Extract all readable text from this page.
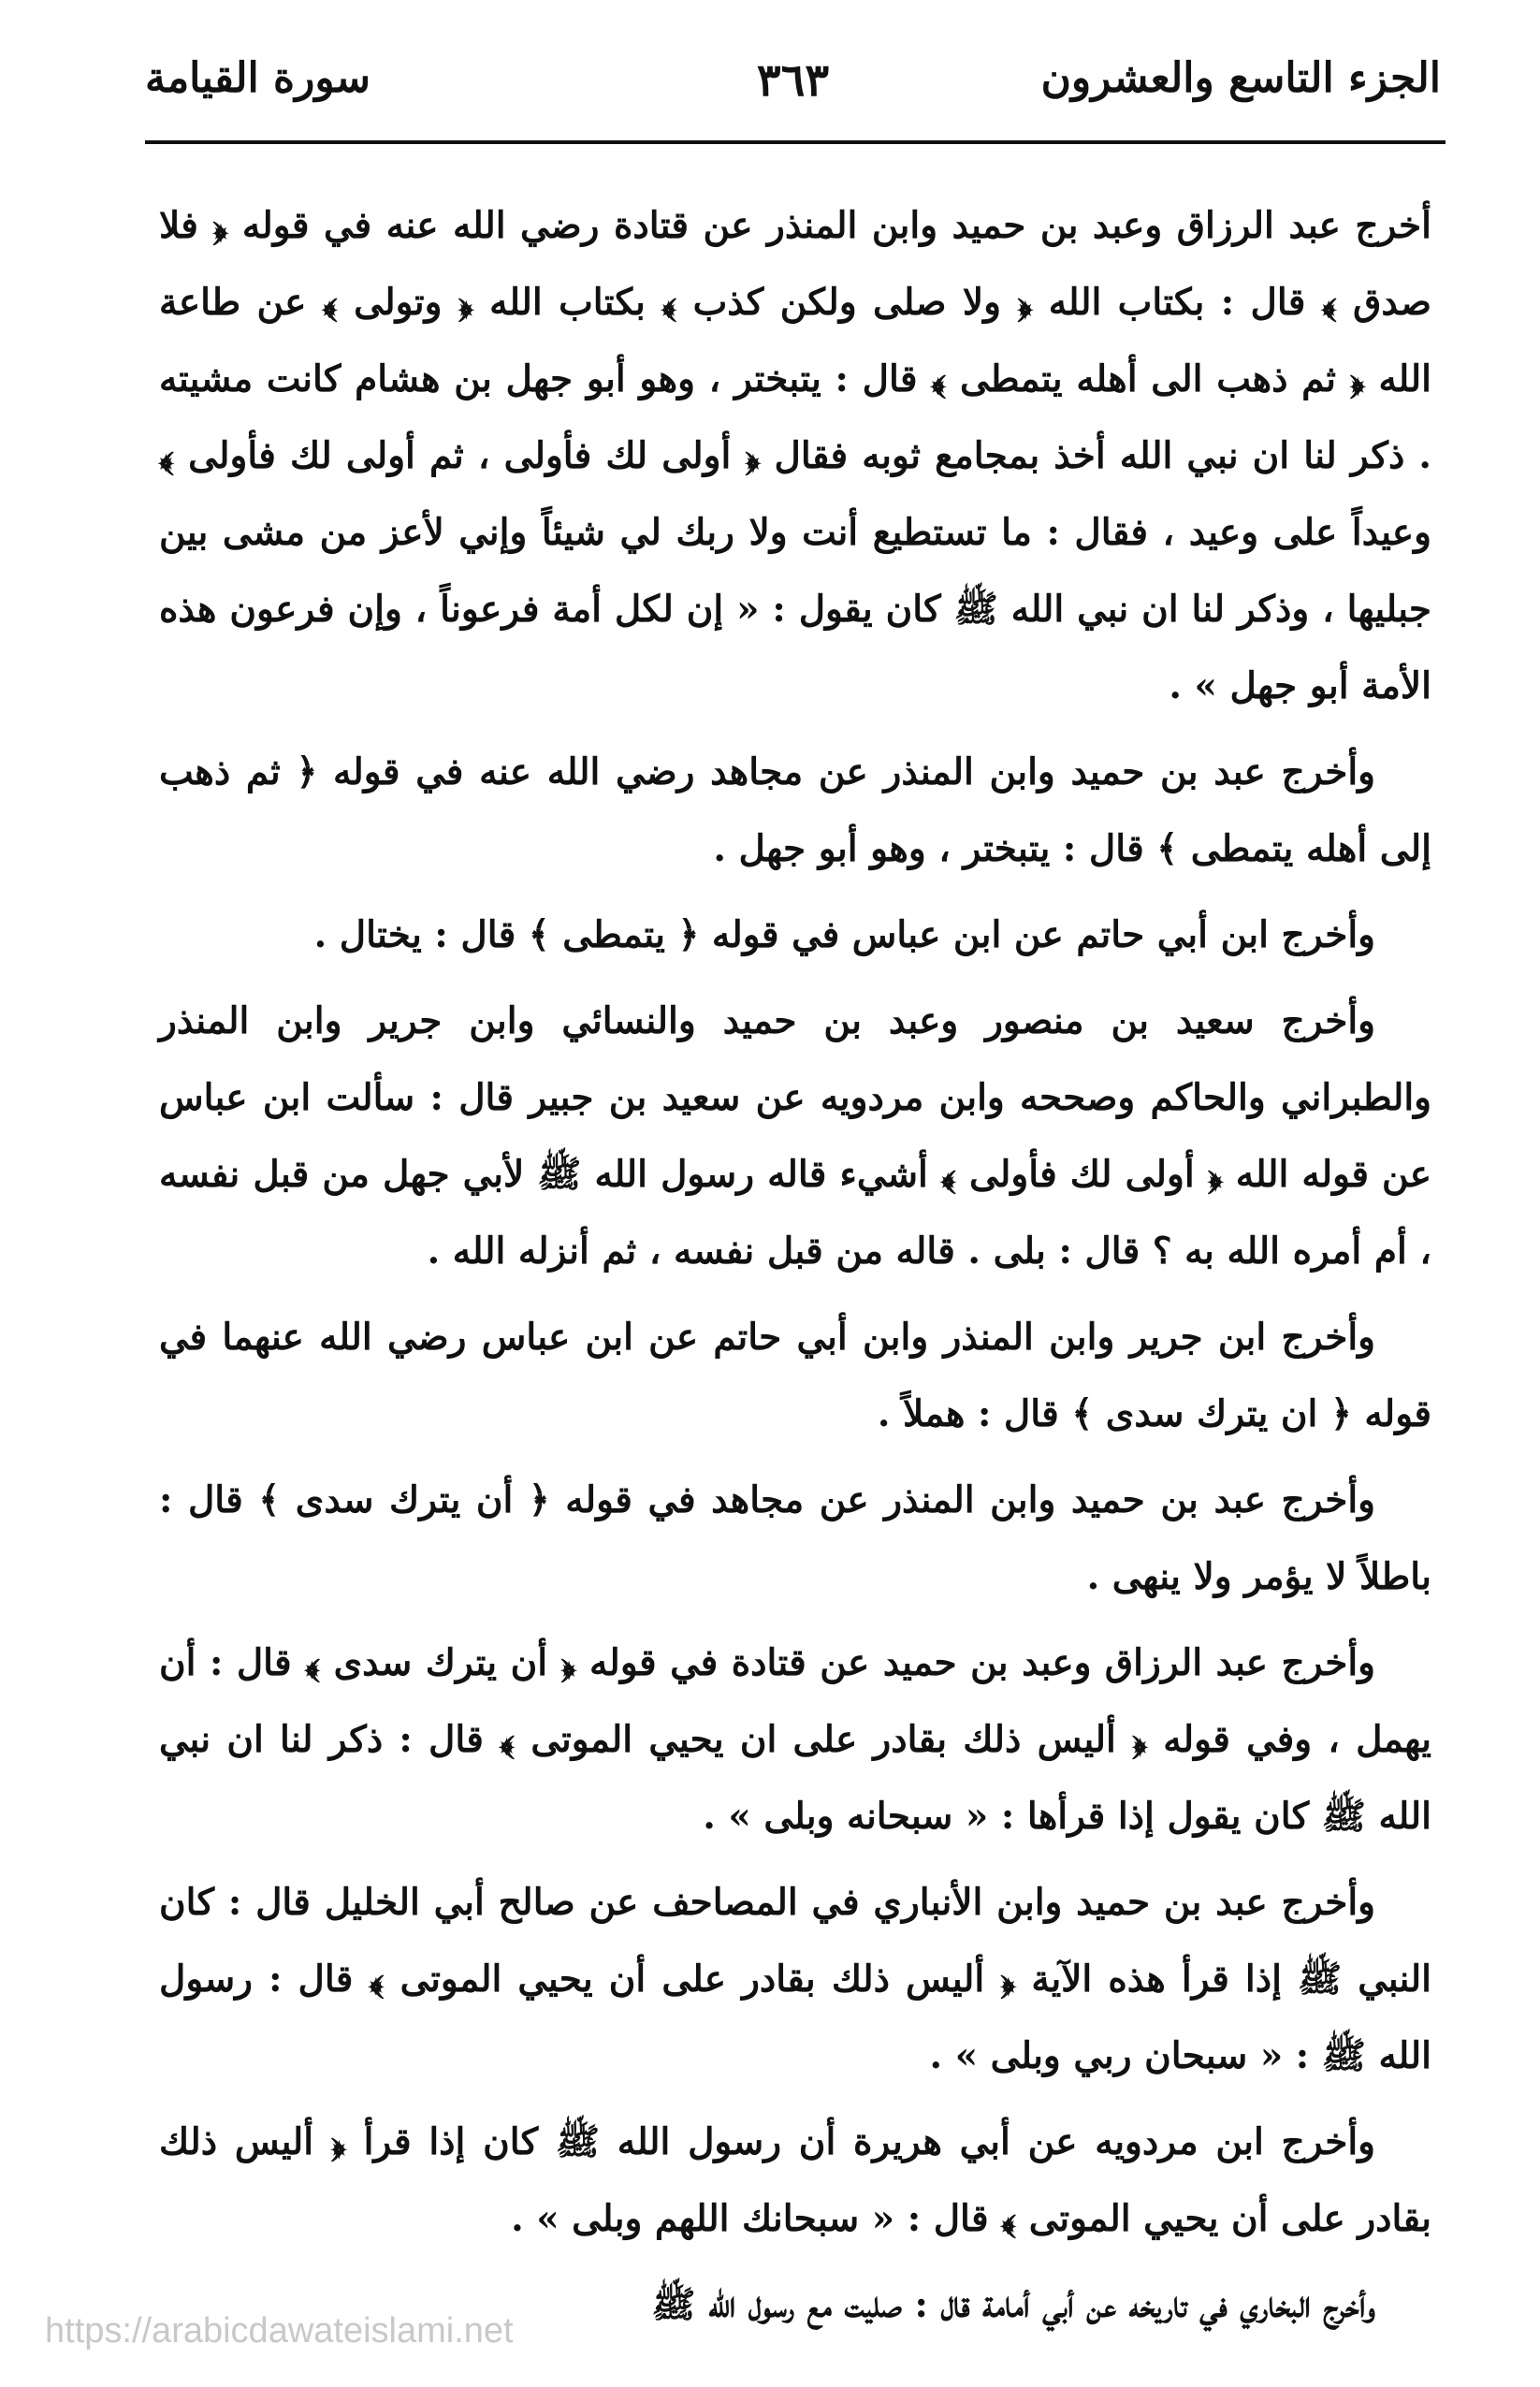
الجزء التاسع والعشرون
٣٦٣
سورة القيامة

أخرج عبد الرزاق وعبد بن حميد وابن المنذر عن قتادة رضي الله عنه في قوله ﴿ فلا صدق ﴾ قال : بكتاب الله ﴿ ولا صلى ولكن كذب ﴾ بكتاب الله ﴿ وتولى ﴾ عن طاعة الله ﴿ ثم ذهب الى أهله يتمطى ﴾ قال : يتبختر ، وهو أبو جهل بن هشام كانت مشيته . ذكر لنا ان نبي الله أخذ بمجامع ثوبه فقال ﴿ أولى لك فأولى ، ثم أولى لك فأولى ﴾ وعيداً على وعيد ، فقال : ما تستطيع أنت ولا ربك لي شيئاً وإني لأعز من مشى بين جبليها ، وذكر لنا ان نبي الله ﷺ كان يقول : « إن لكل أمة فرعوناً ، وإن فرعون هذه الأمة أبو جهل » .

وأخرج عبد بن حميد وابن المنذر عن مجاهد رضي الله عنه في قوله ﴿ ثم ذهب إلى أهله يتمطى ﴾ قال : يتبختر ، وهو أبو جهل .

وأخرج ابن أبي حاتم عن ابن عباس في قوله ﴿ يتمطى ﴾ قال : يختال .

وأخرج سعيد بن منصور وعبد بن حميد والنسائي وابن جرير وابن المنذر والطبراني والحاكم وصححه وابن مردويه عن سعيد بن جبير قال : سألت ابن عباس عن قوله الله ﴿ أولى لك فأولى ﴾ أشيء قاله رسول الله ﷺ لأبي جهل من قبل نفسه ، أم أمره الله به ؟ قال : بلى . قاله من قبل نفسه ، ثم أنزله الله .

وأخرج ابن جرير وابن المنذر وابن أبي حاتم عن ابن عباس رضي الله عنهما في قوله ﴿ ان يترك سدى ﴾ قال : هملاً .

وأخرج عبد بن حميد وابن المنذر عن مجاهد في قوله ﴿ أن يترك سدى ﴾ قال : باطلاً لا يؤمر ولا ينهى .

وأخرج عبد الرزاق وعبد بن حميد عن قتادة في قوله ﴿ أن يترك سدى ﴾ قال : أن يهمل ، وفي قوله ﴿ أليس ذلك بقادر على ان يحيي الموتى ﴾ قال : ذكر لنا ان نبي الله ﷺ كان يقول إذا قرأها : « سبحانه وبلى » .

وأخرج عبد بن حميد وابن الأنباري في المصاحف عن صالح أبي الخليل قال : كان النبي ﷺ إذا قرأ هذه الآية ﴿ أليس ذلك بقادر على أن يحيي الموتى ﴾ قال : رسول الله ﷺ : « سبحان ربي وبلى » .

وأخرج ابن مردويه عن أبي هريرة أن رسول الله ﷺ كان إذا قرأ ﴿ أليس ذلك بقادر على أن يحيي الموتى ﴾ قال : « سبحانك اللهم وبلى » .

وأخرج البخاري في تاريخه عن أبي أمامة قال : صليت مع رسول الله ﷺ

https://arabicdawateislami.net
